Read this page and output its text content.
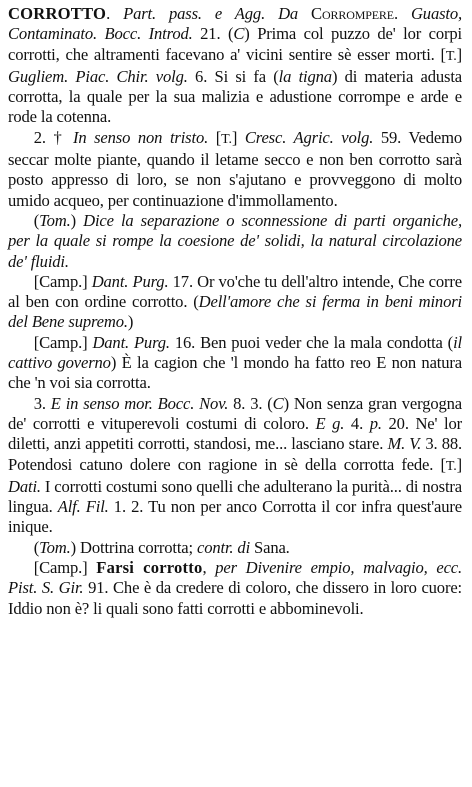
CORROTTO. Part. pass. e Agg. Da Corrompere. Guasto, Contaminato. Bocc. Introd. 21. (C) Prima col puzzo de' lor corpi corrotti, che altramenti facevano a' vicini sentire sè esser morti. [T.] Gugliem. Piac. Chir. volg. 6. Si si fa (la tigna) di materia adusta corrotta, la quale per la sua malizia e adustione corrompe e arde e rode la cotenna.

2. † In senso non tristo. [T.] Cresc. Agric. volg. 59. Vedemo seccar molte piante, quando il letame secco e non ben corrotto sarà posto appresso di loro, se non s'ajutano e provveggono di molto umido acqueo, per continuazione d'immollamento.

(Tom.) Dice la separazione o sconnessione di parti organiche, per la quale si rompe la coesione de' solidi, la natural circolazione de' fluidi.

[Camp.] Dant. Purg. 17. Or vo'che tu dell'altro intende, Che corre al ben con ordine corrotto. (Dell'amore che si ferma in beni minori del Bene supremo.)

[Camp.] Dant. Purg. 16. Ben puoi veder che la mala condotta (il cattivo governo) È la cagion che 'l mondo ha fatto reo E non natura che 'n voi sia corrotta.

3. E in senso mor. Bocc. Nov. 8. 3. (C) Non senza gran vergogna de' corrotti e vituperevoli costumi di coloro. E g. 4. p. 20. Ne' lor diletti, anzi appetiti corrotti, standosi, me... lasciano stare. M. V. 3. 88. Potendosi catuno dolere con ragione in sè della corrotta fede. [T.] Dati. I corrotti costumi sono quelli che adulterano la purità... di nostra lingua. Alf. Fil. 1. 2. Tu non per anco Corrotta il cor infra quest'aure inique.

(Tom.) Dottrina corrotta; contr. di Sana.

[Camp.] Farsi corrotto, per Divenire empio, malvagio, ecc. Pist. S. Gir. 91. Che è da credere di coloro, che dissero in loro cuore: Iddio non è? li quali sono fatti corrotti e abbominevoli.
